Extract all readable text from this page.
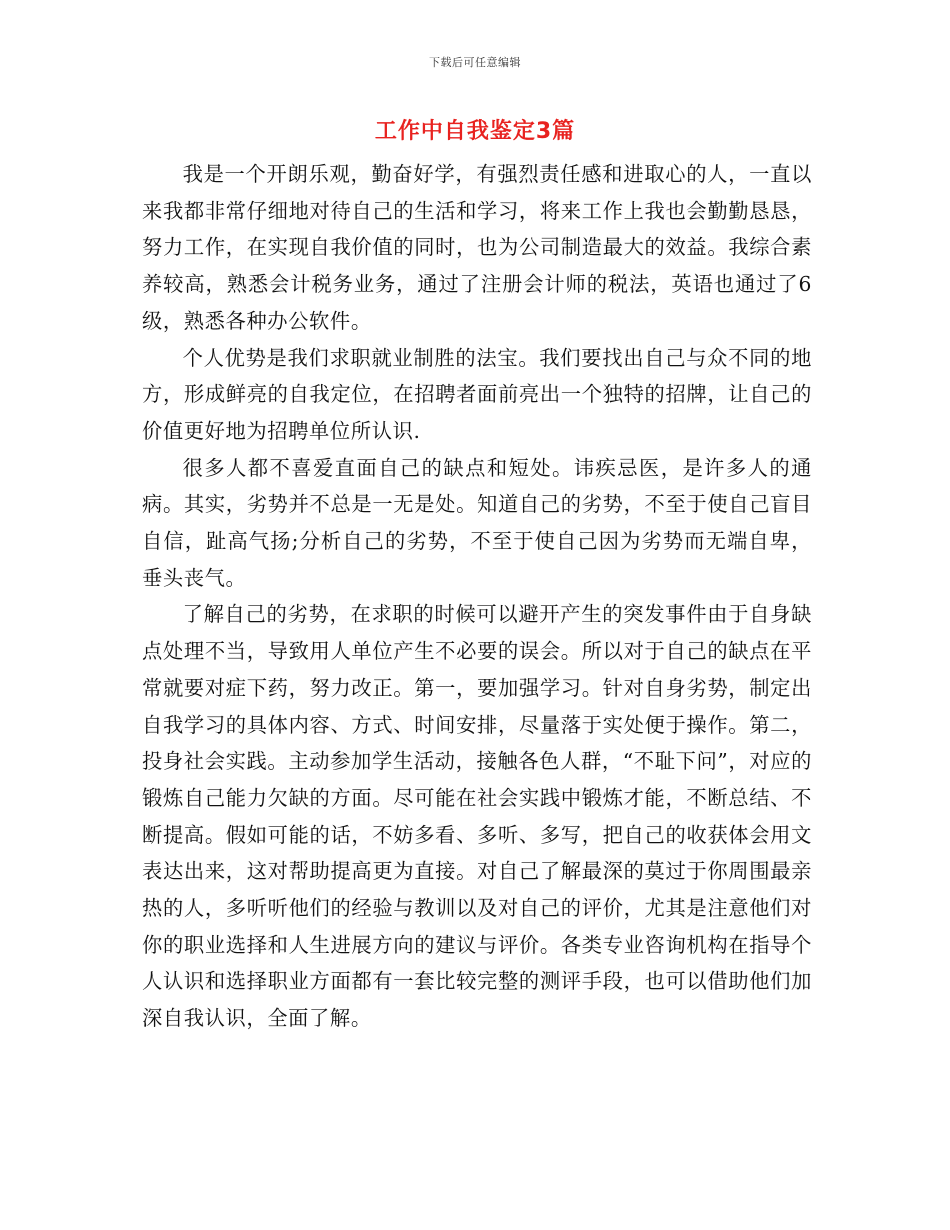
下载后可任意编辑
工作中自我鉴定3篇

我是一个开朗乐观，勤奋好学，有强烈责任感和进取心的人，一直以来我都非常仔细地对待自己的生活和学习，将来工作上我也会勤勤恳恳，努力工作，在实现自我价值的同时，也为公司制造最大的效益。我综合素养较高，熟悉会计税务业务，通过了注册会计师的税法，英语也通过了6级，熟悉各种办公软件。

个人优势是我们求职就业制胜的法宝。我们要找出自己与众不同的地方，形成鲜亮的自我定位，在招聘者面前亮出一个独特的招牌，让自己的价值更好地为招聘单位所认识.

很多人都不喜爱直面自己的缺点和短处。讳疾忌医，是许多人的通病。其实，劣势并不总是一无是处。知道自己的劣势，不至于使自己盲目自信，趾高气扬;分析自己的劣势，不至于使自己因为劣势而无端自卑，垂头丧气。

了解自己的劣势，在求职的时候可以避开产生的突发事件由于自身缺点处理不当，导致用人单位产生不必要的误会。所以对于自己的缺点在平常就要对症下药，努力改正。第一，要加强学习。针对自身劣势，制定出自我学习的具体内容、方式、时间安排，尽量落于实处便于操作。第二，投身社会实践。主动参加学生活动，接触各色人群，“不耻下问”，对应的锻炼自己能力欠缺的方面。尽可能在社会实践中锻炼才能，不断总结、不断提高。假如可能的话，不妨多看、多听、多写，把自己的收获体会用文表达出来，这对帮助提高更为直接。对自己了解最深的莫过于你周围最亲热的人，多听听他们的经验与教训以及对自己的评价，尤其是注意他们对你的职业选择和人生进展方向的建议与评价。各类专业咨询机构在指导个人认识和选择职业方面都有一套比较完整的测评手段，也可以借助他们加深自我认识，全面了解。
